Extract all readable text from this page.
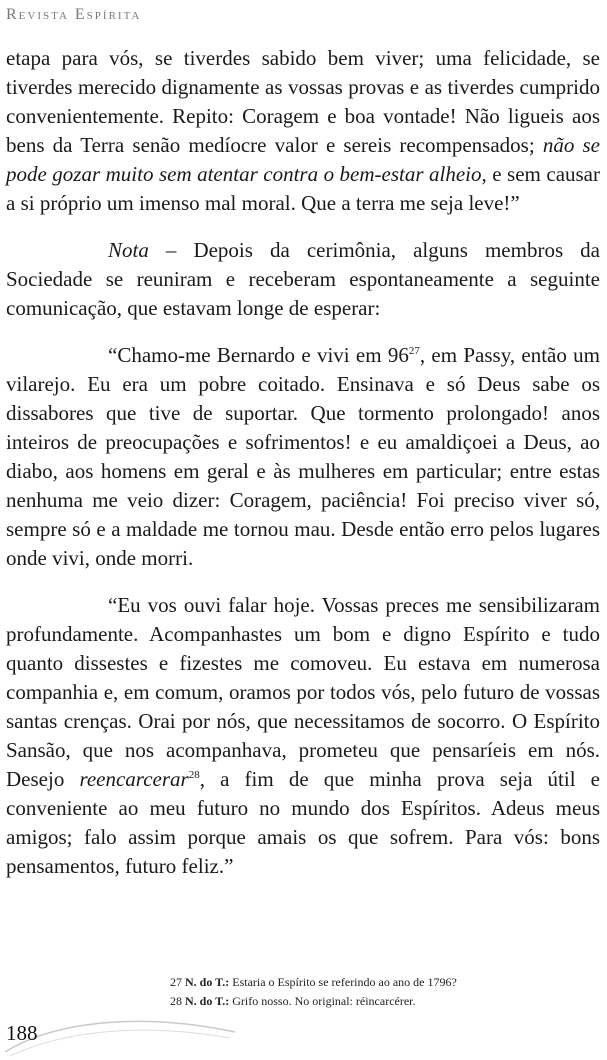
Revista Espírita

etapa para vós, se tiverdes sabido bem viver; uma felicidade, se tiverdes merecido dignamente as vossas provas e as tiverdes cumprido convenientemente. Repito: Coragem e boa vontade! Não ligueis aos bens da Terra senão medíocre valor e sereis recompensados; não se pode gozar muito sem atentar contra o bem-estar alheio, e sem causar a si próprio um imenso mal moral. Que a terra me seja leve!”

Nota – Depois da cerimônia, alguns membros da Sociedade se reuniram e receberam espontaneamente a seguinte comunicação, que estavam longe de esperar:

“Chamo-me Bernardo e vivi em $96^{27}$, em Passy, então um vilarejo. Eu era um pobre coitado. Ensinava e só Deus sabe os dissabores que tive de suportar. Que tormento prolongado! anos inteiros de preocupações e sofrimentos! e eu amaldiçoei a Deus, ao diabo, aos homens em geral e às mulheres em particular; entre estas nenhuma me veio dizer: Coragem, paciência! Foi preciso viver só, sempre só e a maldade me tornou mau. Desde então erro pelos lugares onde vivi, onde morri.

“Eu vos ouvi falar hoje. Vossas preces me sensibilizaram profundamente. Acompanhastes um bom e digno Espírito e tudo quanto dissestes e fizestes me comoveu. Eu estava em numerosa companhia e, em comum, oramos por todos vós, pelo futuro de vossas santas crenças. Orai por nós, que necessitamos de socorro. O Espírito Sansão, que nos acompanhava, prometeu que pensaríeis em nós. Desejo reencarcerar$^{28}$, a fim de que minha prova seja útil e conveniente ao meu futuro no mundo dos Espíritos. Adeus meus amigos; falo assim porque amais os que sofrem. Para vós: bons pensamentos, futuro feliz.”

27 N. do T.: Estaria o Espírito se referindo ao ano de 1796?
28 N. do T.: Grifo nosso. No original: réincarcérer.
188
